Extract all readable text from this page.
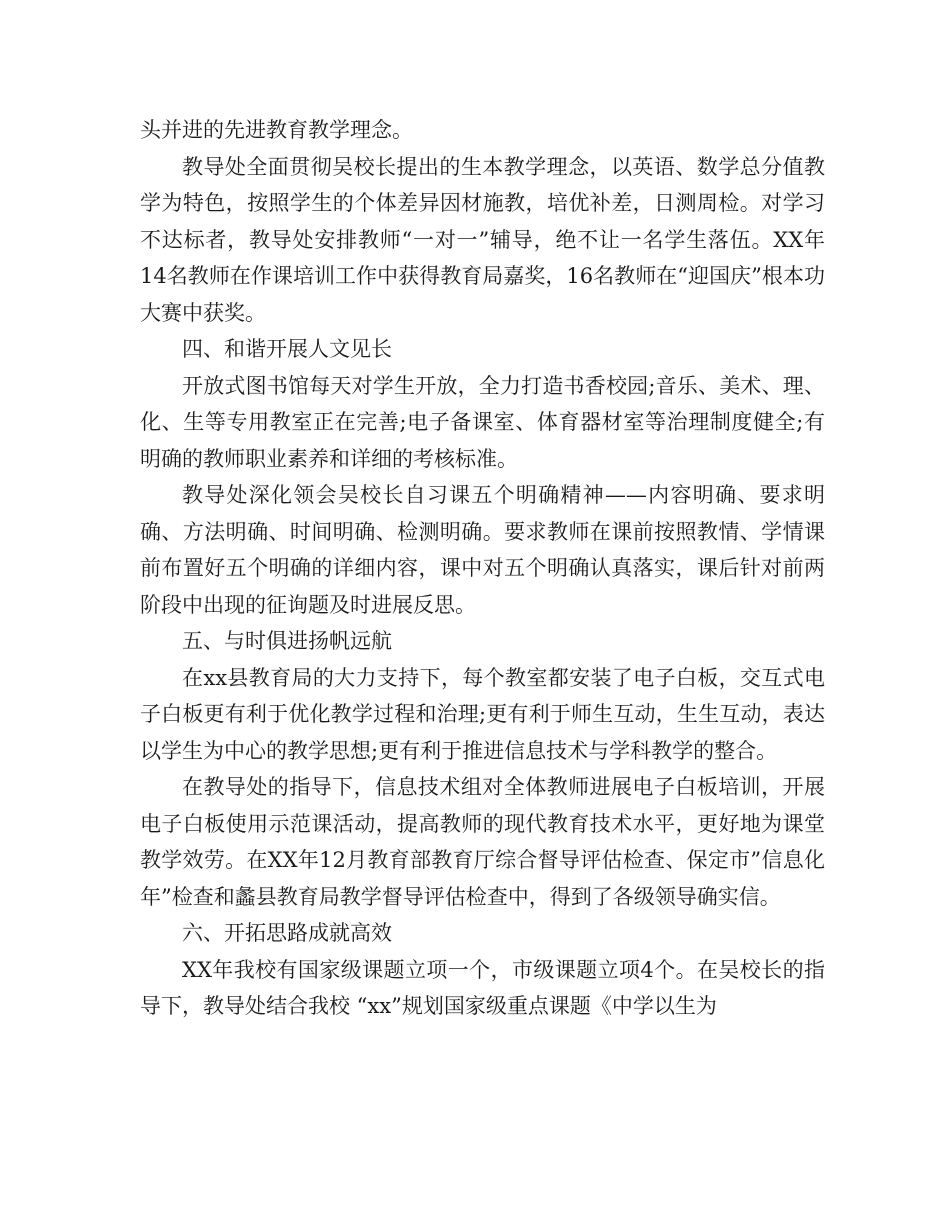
头并进的先进教育教学理念。

教导处全面贯彻吴校长提出的生本教学理念，以英语、数学总分值教学为特色，按照学生的个体差异因材施教，培优补差，日测周检。对学习不达标者，教导处安排教师“一对一”辅导，绝不让一名学生落伍。XX年14名教师在作课培训工作中获得教育局嘉奖，16名教师在“迎国庆”根本功大赛中获奖。

四、和谐开展人文见长

开放式图书馆每天对学生开放，全力打造书香校园;音乐、美术、理、化、生等专用教室正在完善;电子备课室、体育器材室等治理制度健全;有明确的教师职业素养和详细的考核标准。

教导处深化领会吴校长自习课五个明确精神——内容明确、要求明确、方法明确、时间明确、检测明确。要求教师在课前按照教情、学情课前布置好五个明确的详细内容，课中对五个明确认真落实，课后针对前两阶段中出现的征询题及时进展反思。

五、与时俱进扬帆远航

在xx县教育局的大力支持下，每个教室都安装了电子白板，交互式电子白板更有利于优化教学过程和治理;更有利于师生互动，生生互动，表达以学生为中心的教学思想;更有利于推进信息技术与学科教学的整合。

在教导处的指导下，信息技术组对全体教师进展电子白板培训，开展电子白板使用示范课活动，提高教师的现代教育技术水平，更好地为课堂教学效劳。在XX年12月教育部教育厅综合督导评估检查、保定市”信息化年”检查和蠡县教育局教学督导评估检查中，得到了各级领导确实信。

六、开拓思路成就高效

XX年我校有国家级课题立项一个，市级课题立项4个。在吴校长的指导下，教导处结合我校 “xx”规划国家级重点课题《中学以生为
